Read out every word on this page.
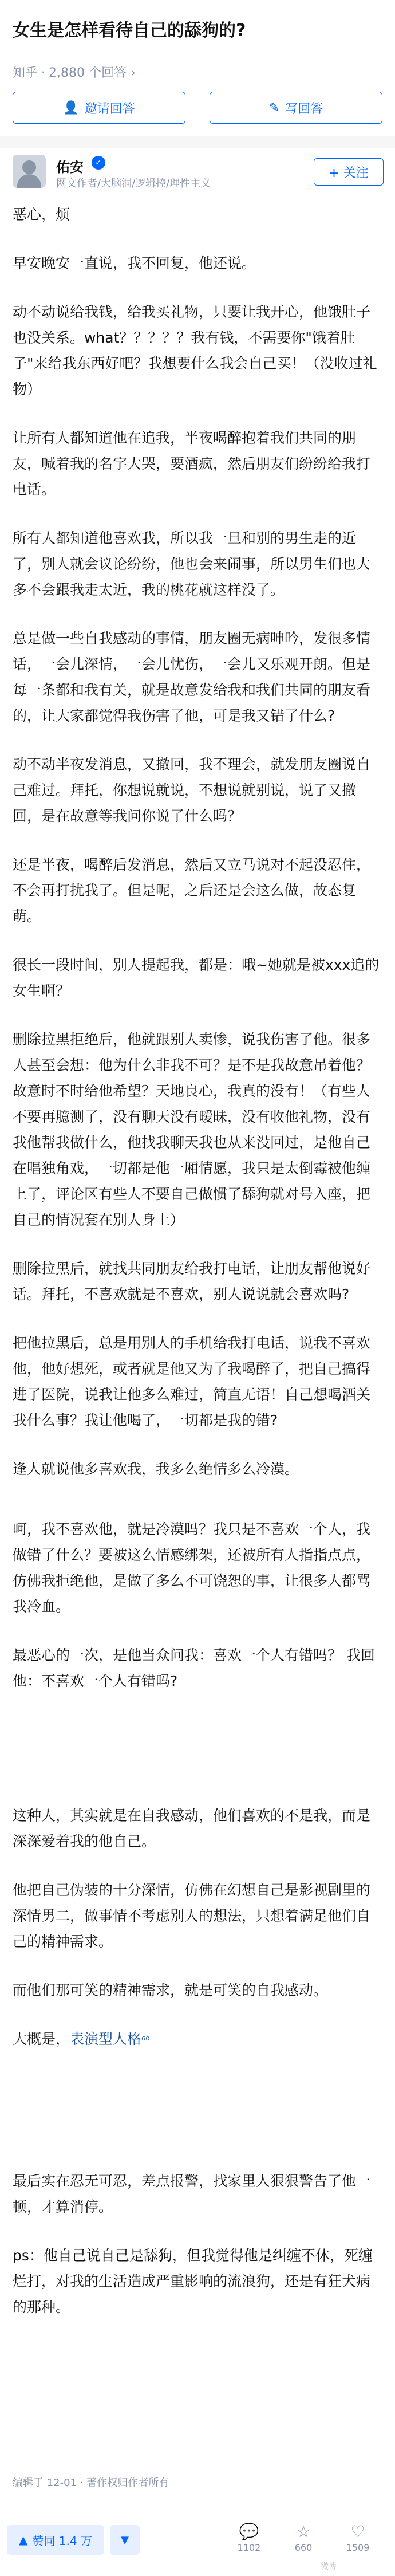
女生是怎样看待自己的舔狗的?
知乎 · 2,880 个回答 ›
👤 邀请回答	✎ 写回答
佑安	✓
网文作者/大脑洞/逻辑控/理性主义
+ 关注

恶心，烦

早安晚安一直说，我不回复，他还说。

动不动说给我钱，给我买礼物，只要让我开心，他饿肚子也没关系。what？？？？？我有钱，不需要你"饿着肚子"来给我东西好吧？我想要什么我会自己买！（没收过礼物）

让所有人都知道他在追我，半夜喝醉抱着我们共同的朋友，喊着我的名字大哭，要酒疯，然后朋友们纷纷给我打电话。

所有人都知道他喜欢我，所以我一旦和别的男生走的近了，别人就会议论纷纷，他也会来闹事，所以男生们也大多不会跟我走太近，我的桃花就这样没了。

总是做一些自我感动的事情，朋友圈无病呻吟，发很多情话，一会儿深情，一会儿忧伤，一会儿又乐观开朗。但是每一条都和我有关，就是故意发给我和我们共同的朋友看的，让大家都觉得我伤害了他，可是我又错了什么?

动不动半夜发消息，又撤回，我不理会，就发朋友圈说自己难过。拜托，你想说就说，不想说就别说，说了又撤回，是在故意等我问你说了什么吗？

还是半夜，喝醉后发消息，然后又立马说对不起没忍住，不会再打扰我了。但是呢，之后还是会这么做，故态复萌。

很长一段时间，别人提起我，都是：哦~她就是被xxx追的女生啊？

删除拉黑拒绝后，他就跟别人卖惨，说我伤害了他。很多人甚至会想：他为什么非我不可？是不是我故意吊着他？故意时不时给他希望？天地良心，我真的没有！（有些人不要再臆测了，没有聊天没有暧昧，没有收他礼物，没有我他帮我做什么，他找我聊天我也从来没回过，是他自己在唱独角戏，一切都是他一厢情愿，我只是太倒霉被他缠上了，评论区有些人不要自己做惯了舔狗就对号入座，把自己的情况套在别人身上）

删除拉黑后，就找共同朋友给我打电话，让朋友帮他说好话。拜托，不喜欢就是不喜欢，别人说说就会喜欢吗?

把他拉黑后，总是用别人的手机给我打电话，说我不喜欢他，他好想死，或者就是他又为了我喝醉了，把自己搞得进了医院，说我让他多么难过，简直无语！自己想喝酒关我什么事？我让他喝了，一切都是我的错?

逢人就说他多喜欢我，我多么绝情多么冷漠。

呵，我不喜欢他，就是冷漠吗？我只是不喜欢一个人，我做错了什么？要被这么情感绑架，还被所有人指指点点，仿佛我拒绝他，是做了多么不可饶恕的事，让很多人都骂我冷血。

最恶心的一次，是他当众问我：喜欢一个人有错吗？ 我回他：不喜欢一个人有错吗?

这种人，其实就是在自我感动，他们喜欢的不是我，而是深深爱着我的他自己。

他把自己伪装的十分深情，仿佛在幻想自己是影视剧里的深情男二，做事情不考虑别人的想法，只想着满足他们自己的精神需求。

而他们那可笑的精神需求，就是可笑的自我感动。

大概是，表演型人格⁶⁰

最后实在忍无可忍，差点报警，找家里人狠狠警告了他一顿，才算消停。

ps：他自己说自己是舔狗，但我觉得他是纠缠不休，死缠烂打，对我的生活造成严重影响的流浪狗，还是有狂犬病的那种。

编辑于 12-01 · 著作权归作者所有
▲ 赞同 1.4 万	▼	💬
1102
☆
660
♡
1509
微博
